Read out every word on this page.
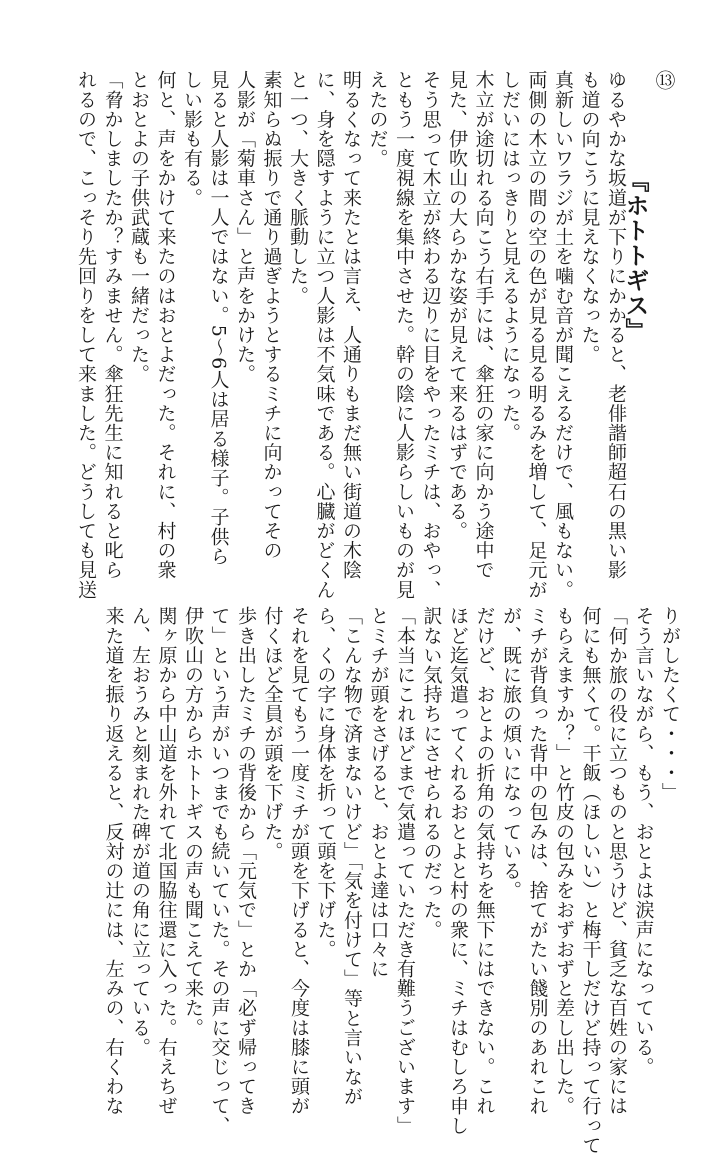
⑬
『ホトトギス』
ゆるやかな坂道が下りにかかると、老俳諧師超石の黒い影
も道の向こうに見えなくなった。
真新しいワラジが土を噛む音が聞こえるだけで、風もない。
両側の木立の間の空の色が見る見る明るみを増して、足元が
しだいにはっきりと見えるようになった。
木立が途切れる向こう右手には、傘狂の家に向かう途中で
見た、伊吹山の大らかな姿が見えて来るはずである。
そう思って木立が終わる辺りに目をやったミチは、おやっ、
ともう一度視線を集中させた。幹の陰に人影らしいものが見
えたのだ。
明るくなって来たとは言え、人通りもまだ無い街道の木陰
に、身を隠すように立つ人影は不気味である。心臓がどくん
と一つ、大きく脈動した。
素知らぬ振りで通り過ぎようとするミチに向かってその
人影が「菊車さん」と声をかけた。
見ると人影は一人ではない。5〜6人は居る様子。子供ら
しい影も有る。
何と、声をかけて来たのはおとよだった。それに、村の衆
とおとよの子供武蔵も一緒だった。
「脅かしましたか？すみません。傘狂先生に知れると叱ら
れるので、こっそり先回りをして来ました。どうしても見送
りがしたくて・・・」
そう言いながら、もう、おとよは涙声になっている。
「何か旅の役に立つものと思うけど、貧乏な百姓の家には
何にも無くて。干飯（ほしいい）と梅干しだけど持って行って
もらえますか？」と竹皮の包みをおずおずと差し出した。
ミチが背負った背中の包みは、捨てがたい餞別のあれこれ
が、既に旅の煩いになっている。
だけど、おとよの折角の気持ちを無下にはできない。これ
ほど迄気遣ってくれるおとよと村の衆に、ミチはむしろ申し
訳ない気持ちにさせられるのだった。
「本当にこれほどまで気遣っていただき有難うございます」
とミチが頭をさげると、おとよ達は口々に
「こんな物で済まないけど」「気を付けて」等と言いなが
ら、くの字に身体を折って頭を下げた。
それを見てもう一度ミチが頭を下げると、今度は膝に頭が
付くほど全員が頭を下げた。
歩き出したミチの背後から「元気で」とか「必ず帰ってき
て」という声がいつまでも続いていた。その声に交じって、
伊吹山の方からホトトギスの声も聞こえて来た。
関ヶ原から中山道を外れて北国脇往還に入った。右えちぜ
ん、左おうみと刻まれた碑が道の角に立っている。
来た道を振り返えると、反対の辻には、左みの、右くわな
